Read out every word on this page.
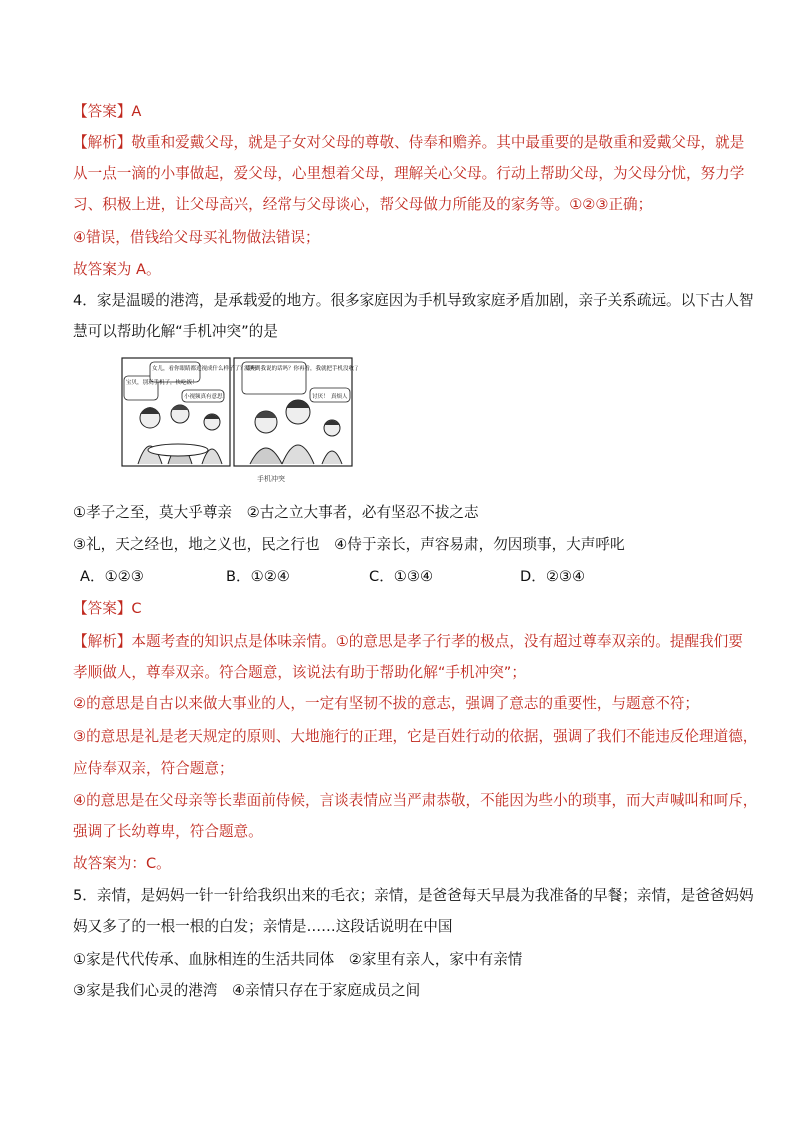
【答案】A
【解析】敬重和爱戴父母，就是子女对父母的尊敬、侍奉和赡养。其中最重要的是敬重和爱戴父母，就是
从一点一滴的小事做起，爱父母，心里想着父母，理解关心父母。行动上帮助父母，为父母分忧，努力学
习、积极上进，让父母高兴，经常与父母谈心，帮父母做力所能及的家务等。①②③正确；
④错误，借钱给父母买礼物做法错误；
故答案为 A。
4．家是温暖的港湾，是承载爱的地方。很多家庭因为手机导致家庭矛盾加剧，亲子关系疏远。以下古人智
慧可以帮助化解“手机冲突”的是
宝贝，别玩手机了，快吃饭！
女儿，看你眼睛都近视成什么样子了？哎呀！
小视频真有意思！
没听到我说的话吗？你再看，我就把手机没收了！
讨厌！ 真烦人
手机冲突
①孝子之至，莫大乎尊亲　②古之立大事者，必有坚忍不拔之志
③礼，天之经也，地之义也，民之行也　④侍于亲长，声容易肃，勿因琐事，大声呼叱
A．①②③	B．①②④	C．①③④	D．②③④
【答案】C
【解析】本题考查的知识点是体味亲情。①的意思是孝子行孝的极点，没有超过尊奉双亲的。提醒我们要
孝顺做人，尊奉双亲。符合题意，该说法有助于帮助化解“手机冲突”；
②的意思是自古以来做大事业的人，一定有坚韧不拔的意志，强调了意志的重要性，与题意不符；
③的意思是礼是老天规定的原则、大地施行的正理，它是百姓行动的依据，强调了我们不能违反伦理道德，
应侍奉双亲，符合题意；
④的意思是在父母亲等长辈面前侍候，言谈表情应当严肃恭敬，不能因为些小的琐事，而大声喊叫和呵斥，
强调了长幼尊卑，符合题意。
故答案为：C。
5．亲情，是妈妈一针一针给我织出来的毛衣；亲情，是爸爸每天早晨为我准备的早餐；亲情，是爸爸妈妈
妈又多了的一根一根的白发；亲情是……这段话说明在中国
①家是代代传承、血脉相连的生活共同体　②家里有亲人，家中有亲情
③家是我们心灵的港湾　④亲情只存在于家庭成员之间
